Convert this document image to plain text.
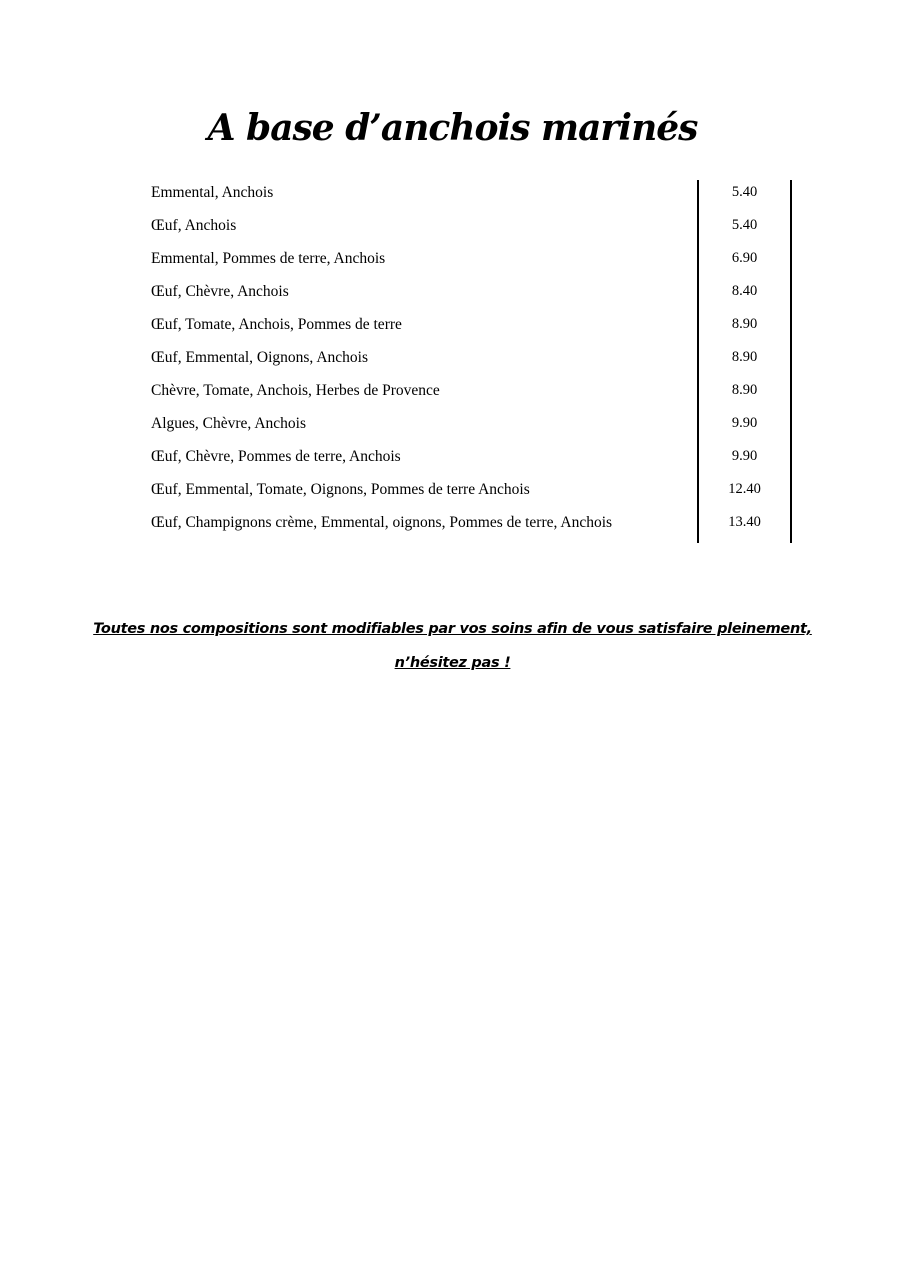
A base d’anchois marinés
Emmental, Anchois	5.40
Œuf, Anchois	5.40
Emmental, Pommes de terre, Anchois	6.90
Œuf, Chèvre, Anchois	8.40
Œuf, Tomate, Anchois, Pommes de terre	8.90
Œuf, Emmental, Oignons, Anchois	8.90
Chèvre, Tomate, Anchois, Herbes de Provence	8.90
Algues, Chèvre, Anchois	9.90
Œuf, Chèvre, Pommes de terre, Anchois	9.90
Œuf, Emmental, Tomate, Oignons, Pommes de terre Anchois	12.40
Œuf, Champignons crème, Emmental, oignons, Pommes de terre, Anchois	13.40
Toutes nos compositions sont modifiables par vos soins afin de vous satisfaire pleinement,
n’hésitez pas !
